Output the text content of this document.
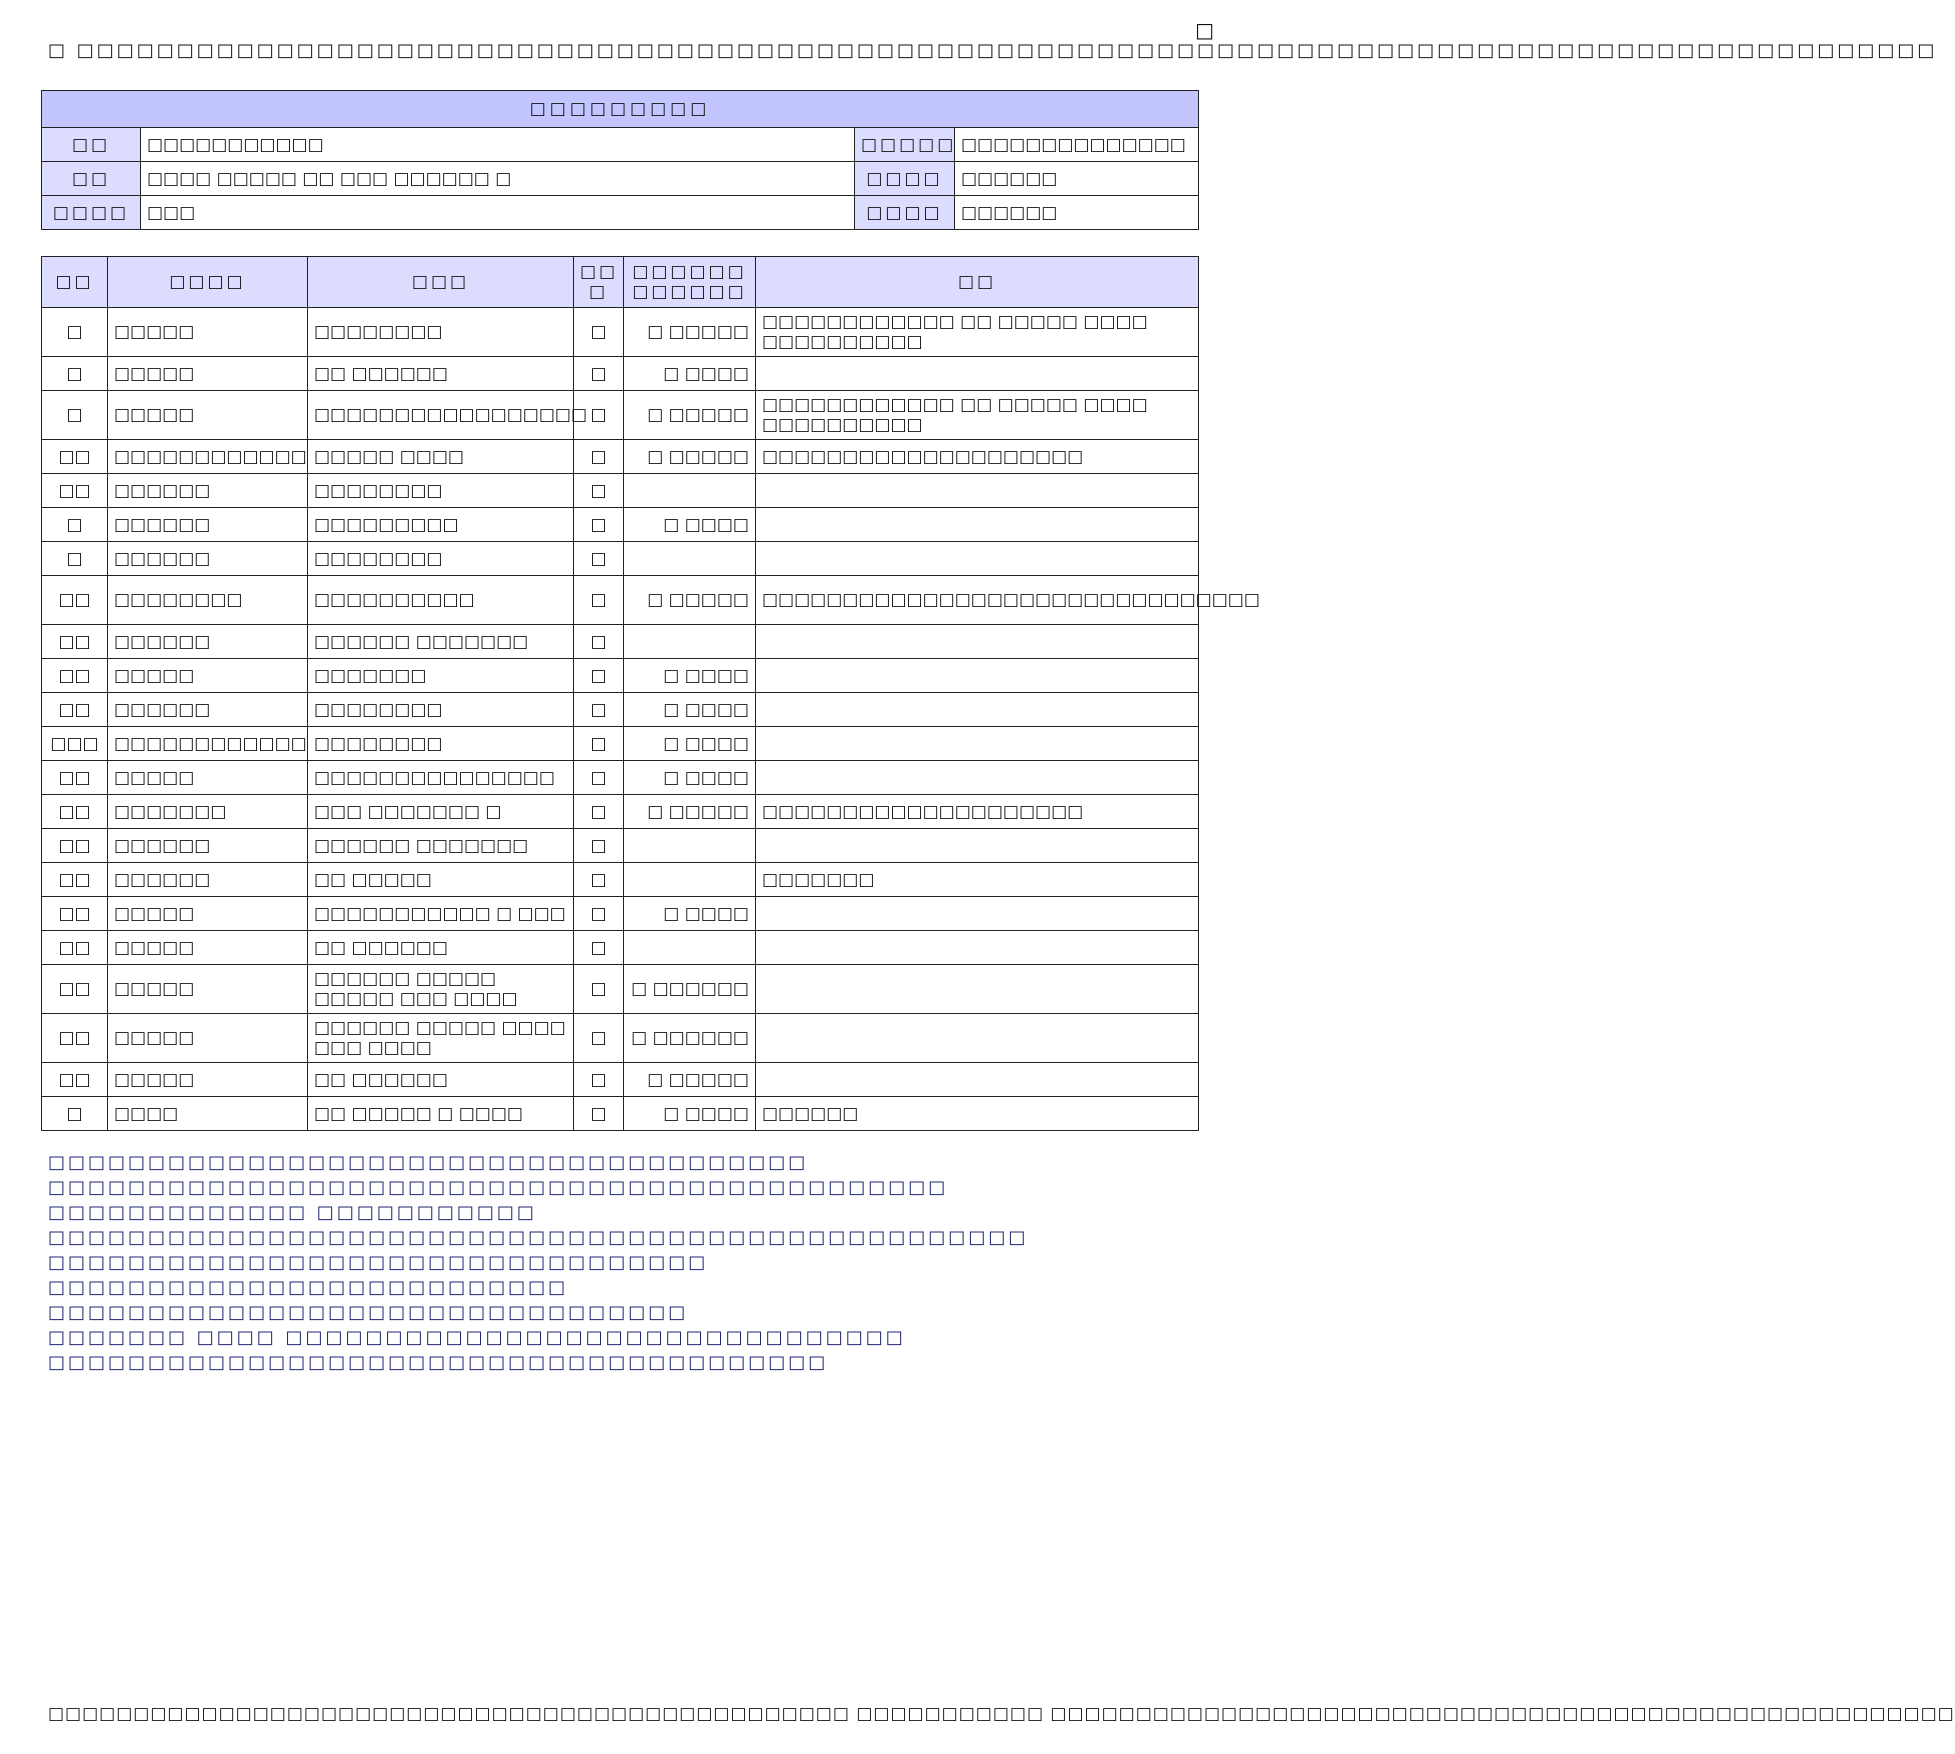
□
□ □□□□□□□□□□□□□□□□□□□□□□□□□□□□□□□□□□□□□□□□□□□□□□□□□□□□□□□□□□□□□□□□□□□□□□□□□□□□□□□□□□□□□□□□□□□□□
□□□□□□□□□			
□□	□□□□□□□□□□□	□□□□□	□□□□□□□□□□□□□□
□□	□□□□ □□□□□ □□ □□□ □□□□□□ □	□□□□	□□□□□□
□□□□	□□□	□□□□	□□□□□□
□□	□□□□	□□□	□□ □	□□□□□□ □□□□□□	□□
□	□□□□□	□□□□□□□□	□	□ □□□□□	□□□□□□□□□□□□ □□ □□□□□ □□□□ □□□□□□□□□□
□	□□□□□	□□ □□□□□□	□	□ □□□□	
□	□□□□□	□□□□□□□□□□□□□□□□□	□	□ □□□□□	□□□□□□□□□□□□ □□ □□□□□ □□□□ □□□□□□□□□□
□□	□□□□□□□□□□□□	□□□□□ □□□□	□	□ □□□□□	□□□□□□□□□□□□□□□□□□□□
□□	□□□□□□	□□□□□□□□	□		
□	□□□□□□	□□□□□□□□□	□	□ □□□□	
□	□□□□□□	□□□□□□□□	□		
□□	□□□□□□□□	□□□□□□□□□□	□	□ □□□□□	□□□□□□□□□□□□□□□□□□□□□□□□□□□□□□□
□□	□□□□□□	□□□□□□ □□□□□□□	□		
□□	□□□□□	□□□□□□□	□	□ □□□□	
□□	□□□□□□	□□□□□□□□	□	□ □□□□	
□□□	□□□□□□□□□□□□	□□□□□□□□	□	□ □□□□	
□□	□□□□□	□□□□□□□□□□□□□□□	□	□ □□□□	
□□	□□□□□□□	□□□ □□□□□□□ □	□	□ □□□□□	□□□□□□□□□□□□□□□□□□□□
□□	□□□□□□	□□□□□□ □□□□□□□	□		
□□	□□□□□□	□□ □□□□□	□		□□□□□□□
□□	□□□□□	□□□□□□□□□□□ □ □□□	□	□ □□□□	
□□	□□□□□	□□ □□□□□□	□		
□□	□□□□□	□□□□□□ □□□□□ □□□□□ □□□ □□□□	□	□ □□□□□□	
□□	□□□□□	□□□□□□ □□□□□ □□□□ □□□ □□□□	□	□ □□□□□□	
□□	□□□□□	□□ □□□□□□	□	□ □□□□□	
□	□□□□	□□ □□□□□ □ □□□□	□	□ □□□□	□□□□□□
□□□□□□□□□□□□□□□□□□□□□□□□□□□□□□□□□□□□□□
□□□□□□□□□□□□□□□□□□□□□□□□□□□□□□□□□□□□□□□□□□□□□
□□□□□□□□□□□□□ □□□□□□□□□□□
□□□□□□□□□□□□□□□□□□□□□□□□□□□□□□□□□□□□□□□□□□□□□□□□□
□□□□□□□□□□□□□□□□□□□□□□□□□□□□□□□□□
□□□□□□□□□□□□□□□□□□□□□□□□□□
□□□□□□□□□□□□□□□□□□□□□□□□□□□□□□□□
□□□□□□□ □□□□ □□□□□□□□□□□□□□□□□□□□□□□□□□□□□□□
□□□□□□□□□□□□□□□□□□□□□□□□□□□□□□□□□□□□□□□
□□□□□□□□□□□□□□□□□□□□□□□□□□□□□□□□□□□□□□□□□□□□□□□ □□□□□□□□□□□ □□□□□□□□□□□□□□□□□□□□□□□□□□□□□□□□□□□□□□□□□□□□□□□□□□□□□
